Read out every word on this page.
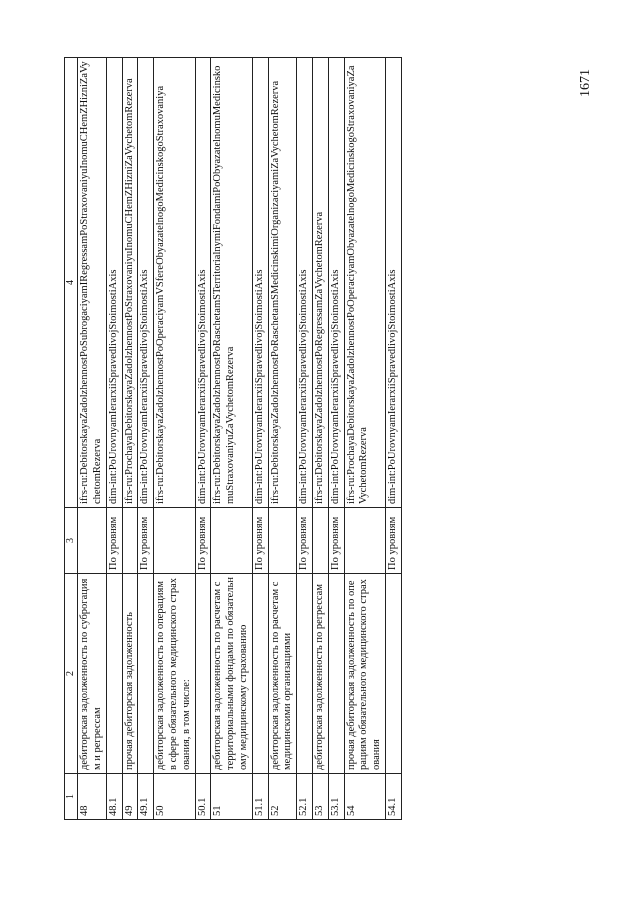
1	2	3	4
48	дебиторская задолженность по суброгациям и регрессам		ifrs-ru:DebitorskayaZadolzhennostPoSubrogaciyamIRegressamPoStraxovaniyuInomuCHemZHizniZaVychetomRezerva
48.1		По уровням	dim-int:PoUrovnyamIerarxiiSpravedlivojStoimostiAxis
49	прочая дебиторская задолженность		ifrs-ru:ProchayaDebitorskayaZadolzhennostPoStraxovaniyuInomuCHemZHizniZaVychetomRezerva
49.1		По уровням	dim-int:PoUrovnyamIerarxiiSpravedlivojStoimostiAxis
50	дебиторская задолженность по операциям в сфере обязательного медицинского страхования, в том числе:		ifrs-ru:DebitorskayaZadolzhennostPoOperaciyamVSfereObyazatelnogoMedicinskogoStraxovaniya
50.1		По уровням	dim-int:PoUrovnyamIerarxiiSpravedlivojStoimostiAxis
51	дебиторская задолженность по расчетам с территориальными фондами по обязательному медицинскому страхованию		ifrs-ru:DebitorskayaZadolzhennostPoRaschetamSTerritorialnymiFondamiPoObyazatelnomuMedicinskomuStraxovaniyuZaVychetomRezerva
51.1		По уровням	dim-int:PoUrovnyamIerarxiiSpravedlivojStoimostiAxis
52	дебиторская задолженность по расчетам с медицинскими организациями		ifrs-ru:DebitorskayaZadolzhennostPoRaschetamSMedicinskimiOrganizaciyamiZaVychetomRezerva
52.1		По уровням	dim-int:PoUrovnyamIerarxiiSpravedlivojStoimostiAxis
53	дебиторская задолженность по регрессам		ifrs-ru:DebitorskayaZadolzhennostPoRegressamZaVychetomRezerva
53.1		По уровням	dim-int:PoUrovnyamIerarxiiSpravedlivojStoimostiAxis
54	прочая дебиторская задолженность по операциям обязательного медицинского страхования		ifrs-ru:ProchayaDebitorskayaZadolzhennostPoOperaciyamObyazatelnogoMedicinskogoStraxovaniyaZaVychetomRezerva
54.1		По уровням	dim-int:PoUrovnyamIerarxiiSpravedlivojStoimostiAxis
1671
